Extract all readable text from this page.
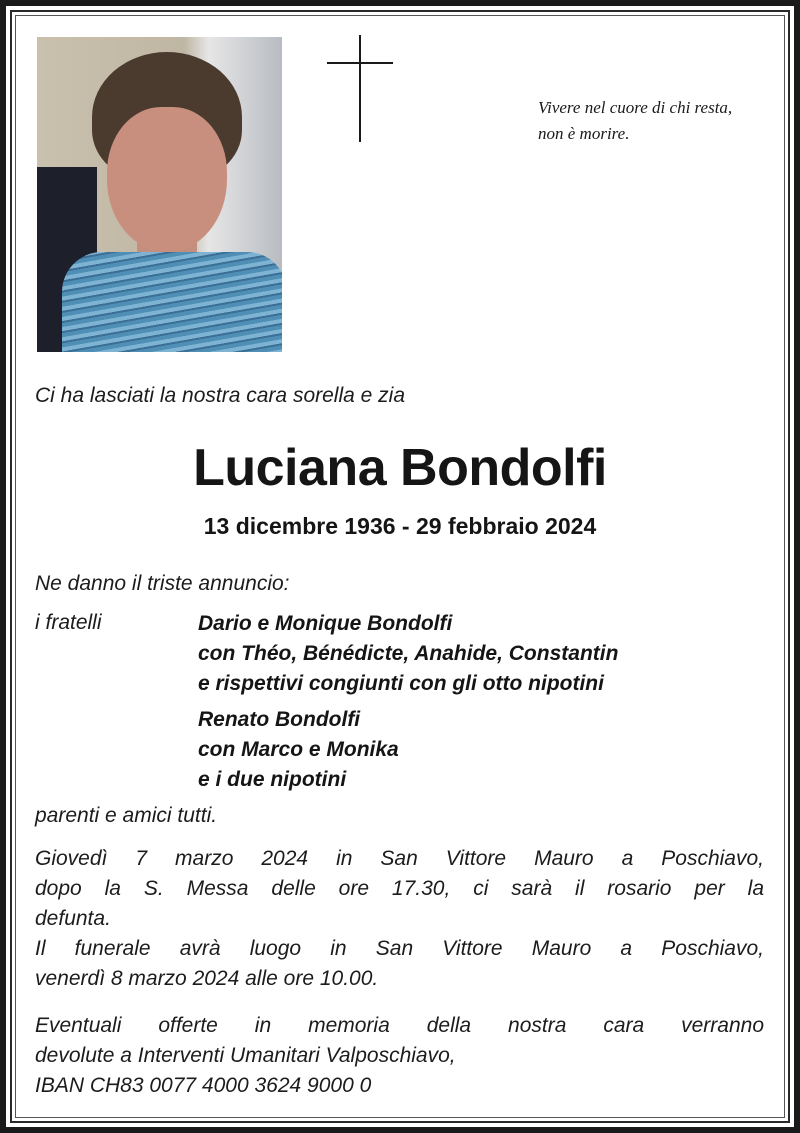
Vivere nel cuore di chi resta,
non è morire.
Ci ha lasciati la nostra cara sorella e zia
Luciana Bondolfi
13 dicembre 1936 - 29 febbraio 2024
Ne danno il triste annuncio:
i fratelli	Dario e Monique Bondolfi
con Théo, Bénédicte, Anahide, Constantin
e rispettivi congiunti con gli otto nipotini
Renato Bondolfi
con Marco e Monika
e i due nipotini
parenti e amici tutti.
Giovedì 7 marzo 2024 in San Vittore Mauro a Poschiavo,
dopo la S. Messa delle ore 17.30, ci sarà il rosario per la
defunta.
Il funerale avrà luogo in San Vittore Mauro a Poschiavo,
venerdì 8 marzo 2024 alle ore 10.00.
Eventuali offerte in memoria della nostra cara verranno
devolute a Interventi Umanitari Valposchiavo,
IBAN CH83 0077 4000 3624 9000 0
